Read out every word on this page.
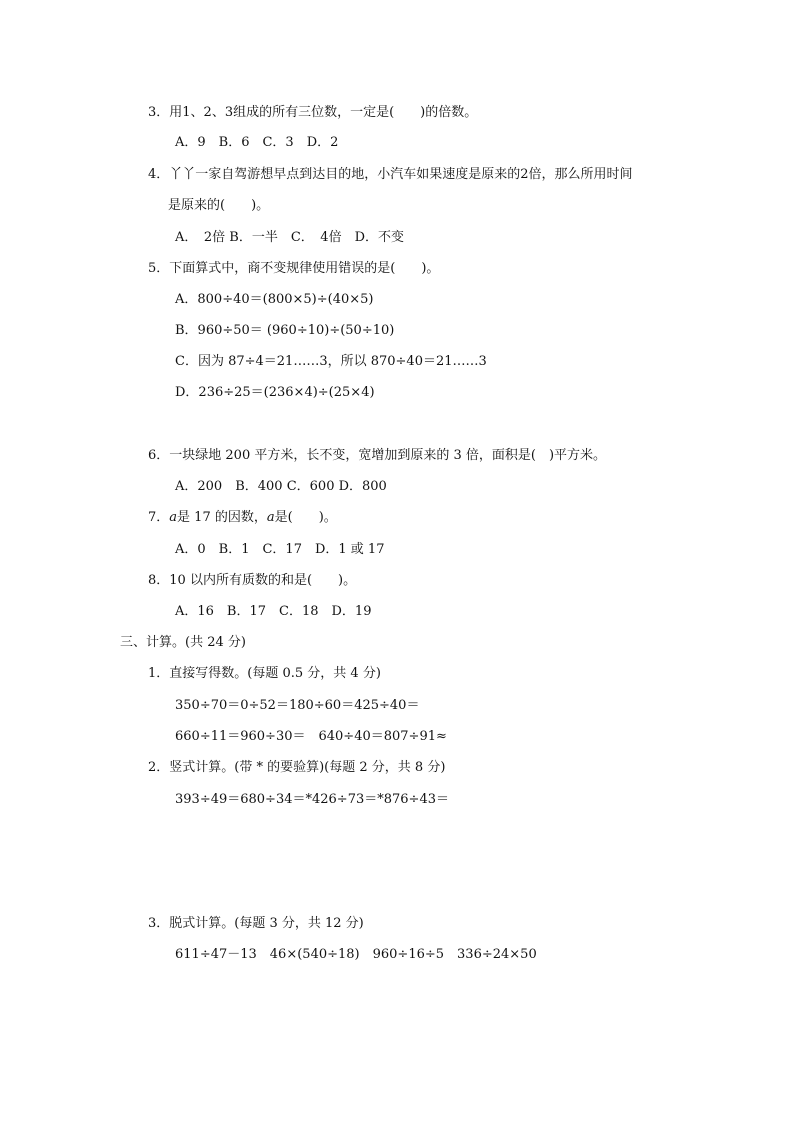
3．用1、2、3组成的所有三位数，一定是(　　)的倍数。
A．9　B．6　C．3　D．2
4．丫丫一家自驾游想早点到达目的地，小汽车如果速度是原来的2倍，那么所用时间
是原来的(　　)。
A．　2倍 B．一半　C．　4倍　D．不变
5．下面算式中，商不变规律使用错误的是(　　)。
A．800÷40＝(800×5)÷(40×5)
B．960÷50＝ (960÷10)÷(50÷10)
C．因为 87÷4＝21……3，所以 870÷40＝21……3
D．236÷25＝(236×4)÷(25×4)
6．一块绿地 200 平方米，长不变，宽增加到原来的 3 倍，面积是(　)平方米。
A．200　B．400 C．600 D．800
7．a是 17 的因数，a是(　　)。
A．0　B．1　C．17　D．1 或 17
8．10 以内所有质数的和是(　　)。
A．16　B．17　C．18　D．19
三、计算。(共 24 分)
1．直接写得数。(每题 0.5 分，共 4 分)
350÷70＝0÷52＝180÷60＝425÷40＝
660÷11＝960÷30＝　640÷40＝807÷91≈
2．竖式计算。(带 * 的要验算)(每题 2 分，共 8 分)
393÷49＝680÷34＝*426÷73＝*876÷43＝
3．脱式计算。(每题 3 分，共 12 分)
611÷47－13　46×(540÷18)　960÷16÷5　336÷24×50
